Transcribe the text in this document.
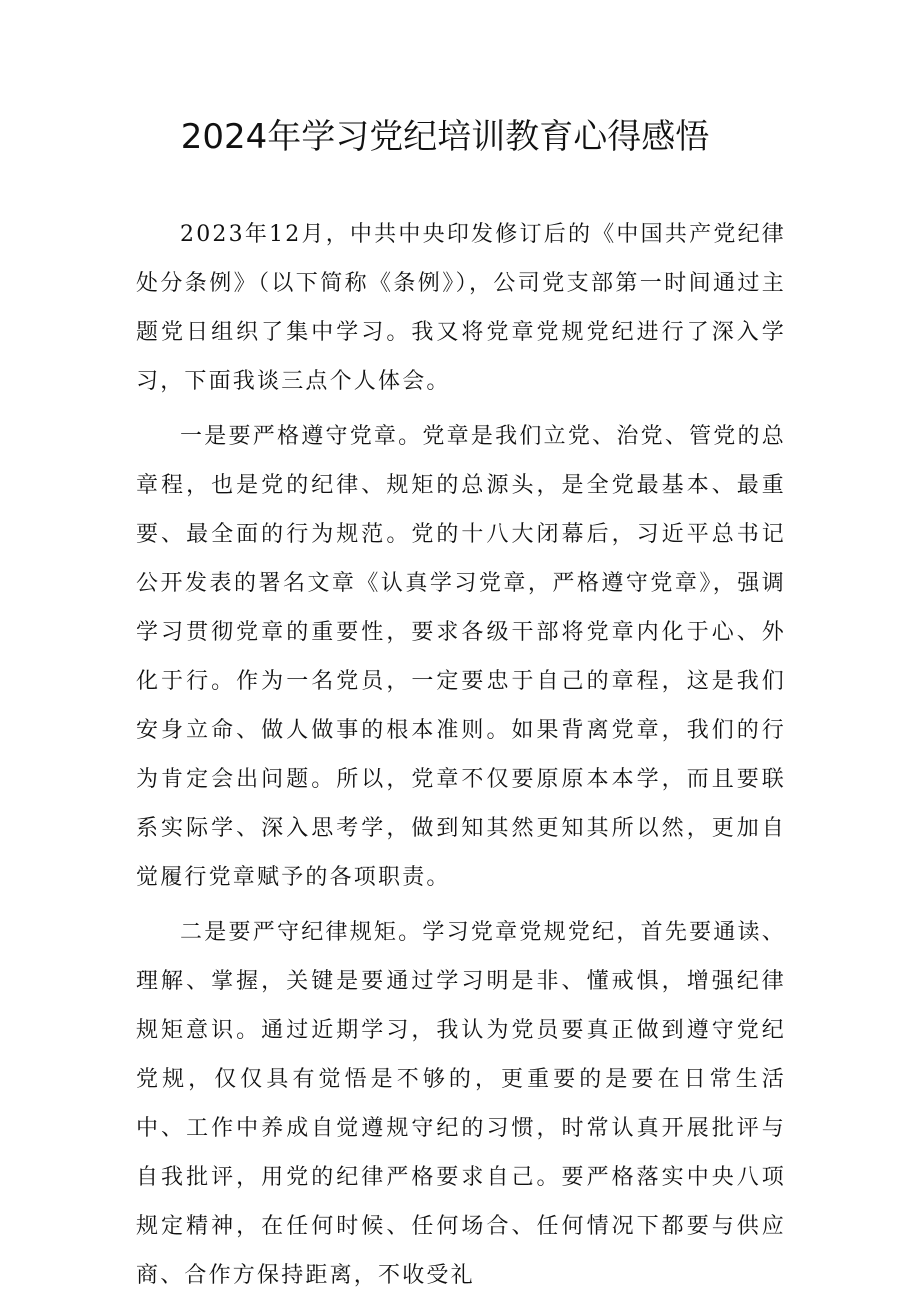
2024年学习党纪培训教育心得感悟

2023年12月，中共中央印发修订后的《中国共产党纪律处分条例》（以下简称《条例》），公司党支部第一时间通过主题党日组织了集中学习。我又将党章党规党纪进行了深入学习，下面我谈三点个人体会。

一是要严格遵守党章。党章是我们立党、治党、管党的总章程，也是党的纪律、规矩的总源头，是全党最基本、最重要、最全面的行为规范。党的十八大闭幕后，习近平总书记公开发表的署名文章《认真学习党章，严格遵守党章》，强调学习贯彻党章的重要性，要求各级干部将党章内化于心、外化于行。作为一名党员，一定要忠于自己的章程，这是我们安身立命、做人做事的根本准则。如果背离党章，我们的行为肯定会出问题。所以，党章不仅要原原本本学，而且要联系实际学、深入思考学，做到知其然更知其所以然，更加自觉履行党章赋予的各项职责。

二是要严守纪律规矩。学习党章党规党纪，首先要通读、理解、掌握，关键是要通过学习明是非、懂戒惧，增强纪律规矩意识。通过近期学习，我认为党员要真正做到遵守党纪党规，仅仅具有觉悟是不够的，更重要的是要在日常生活中、工作中养成自觉遵规守纪的习惯，时常认真开展批评与自我批评，用党的纪律严格要求自己。要严格落实中央八项规定精神，在任何时候、任何场合、任何情况下都要与供应商、合作方保持距离，不收受礼
